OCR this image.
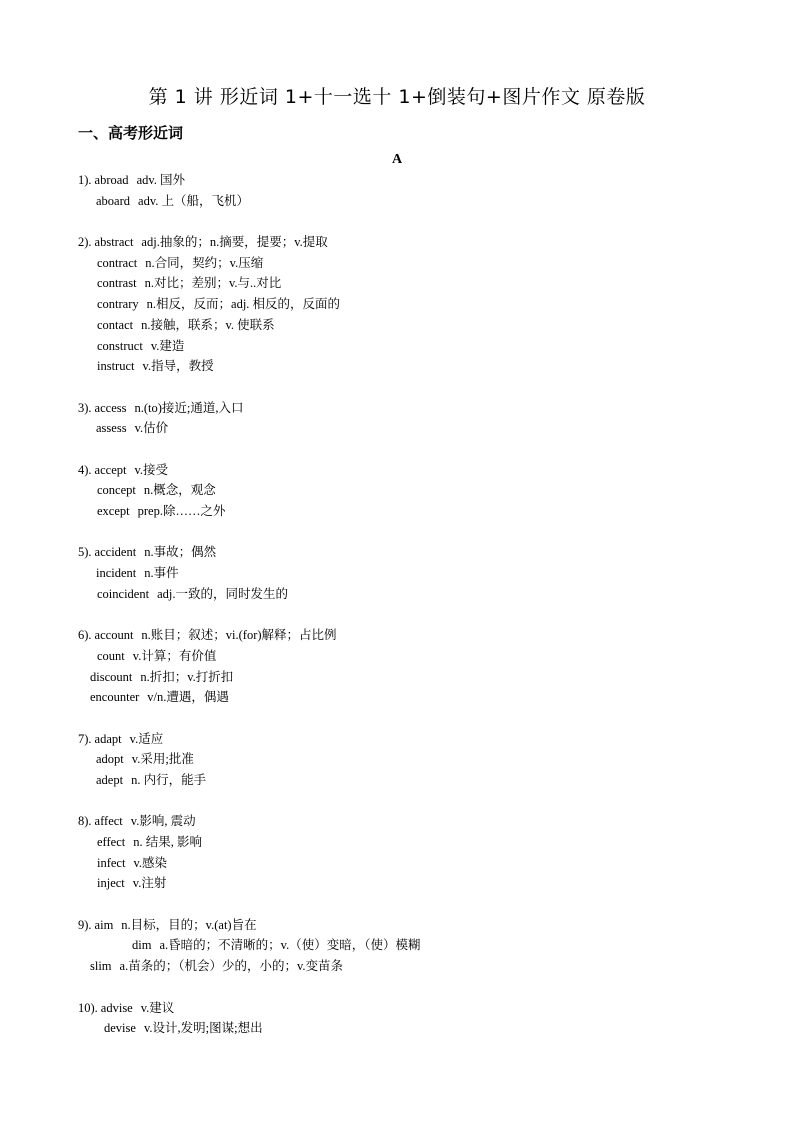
第 1 讲 形近词 1+十一选十 1+倒装句+图片作文 原卷版
一、高考形近词
A
1). abroad adv. 国外
aboard adv. 上（船，飞机）
2). abstract adj.抽象的；n.摘要，提要；v.提取
contract n.合同，契约；v.压缩
contrast n.对比；差别；v.与..对比
contrary n.相反，反而；adj. 相反的，反面的
contact n.接触，联系；v. 使联系
construct v.建造
instruct v.指导，教授
3). access n.(to)接近;通道,入口
assess v.估价
4). accept v.接受
concept n.概念，观念
except prep.除……之外
5). accident n.事故；偶然
incident n.事件
coincident adj.一致的，同时发生的
6). account n.账目；叙述；vi.(for)解释；占比例
count v.计算；有价值
discount n.折扣；v.打折扣
encounter v/n.遭遇，偶遇
7). adapt v.适应
adopt v.采用;批准
adept n. 内行，能手
8). affect v.影响, 震动
effect n. 结果, 影响
infect v.感染
inject v.注射
9). aim n.目标，目的；v.(at)旨在
dim a.昏暗的；不清晰的；v.（使）变暗，（使）模糊
slim a.苗条的；（机会）少的，小的；v.变苗条
10). advise v.建议
devise v.设计,发明;图谋;想出
